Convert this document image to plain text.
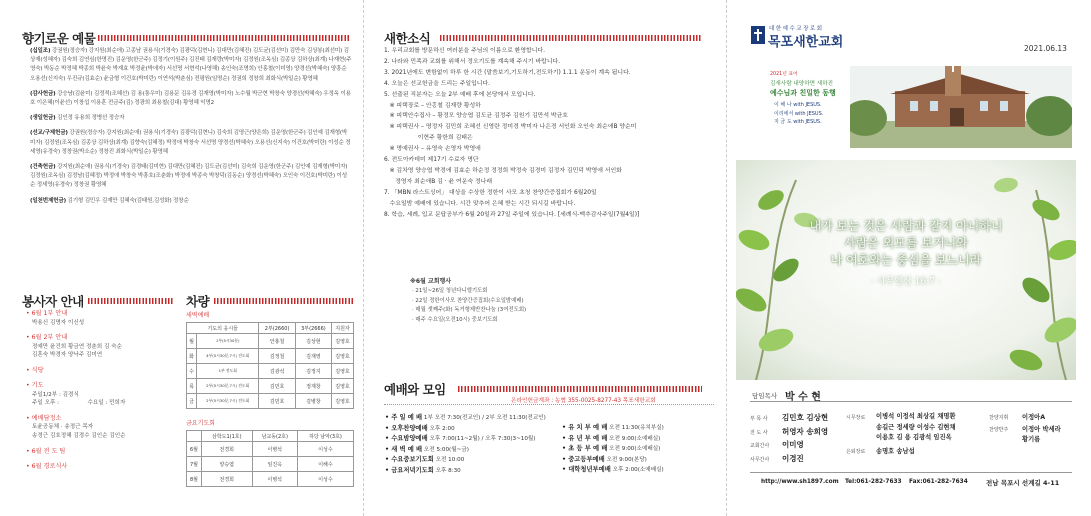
향기로운 예물
(십일조) 강권원(정승자) 강지원(최순애) 고종남 권용식(기경숙) 김광덕(김현니) 김대만(김혜진) 김도균(김선미) 김만숙 김상봉(최선미) 김상재(성혜자) 김숙희 김연심(한명진) 김운영(한군주) 김정기(이원주) 김진태 김재량(박미자) 김정원(조옥심) 김종상 김하상(최계) 나재현(주영숙) 박동순 박정혜 박종희 박윤숙 박재효 박정윤(박애자) 서선명 서현석(나영해) 송인숙(조명희) 안홍철(이미영) 양경선(박혜숙) 양흥순 오용선(신지숙) 우진규(김효순) 윤금형 이건호(박미란) 이연석(박춘심) 전평원(임명순) 정권희 정창희 최화식(박일순) 황영혜
(감사헌금) 강승남(김윤미) 김정적(조혜선) 김 용(통우미) 김용문 김유경 김재영(박미자) 노수월 박군현 박창숙 양경선(박혜숙) 우정옥 이용호 이은혜(이윤선) 이창섭 이용훈 전금주(김) 정광희 최용철(김대) 황영혜 익명2
(생일헌금) 김인정 유용희 정병선 정승자
(선교/구제헌금) 강권원(정승자) 강지원(최순애) 권용식(기경숙) 김광덕(김현니) 김숙희 김영근(양은희) 김운영(한군주) 김인예 김재형(박미자) 김정원(조옥심) 김종상 김하상(최계) 김향숙(김혜정) 박정애 박창숙 서선명 양경선(박혜숙) 오용선(신지숙) 이건호(박미란) 이성순 정세영(유경숙) 정창권(박소순) 정창진 최화식(박일순) 황영혜
(건축헌금) 강지원(최순애) 권용식(기경숙) 김경태(김미현) 김대만(김혜진) 김도균(김선미) 김숙희 김운영(한군주) 김인예 김재형(박미자) 김정원(조옥심) 김정남(김혜정) 박정애 박창숙 박흥호(조춘화) 박정애 박종숙 박창덕(김동순) 양경선(박혜숙) 오인숙 이건호(박미란) 이성순 정세영(유경숙) 정창권 황영혜
(일천번제헌금) 김기형 김민우 김재만 김혜숙(김태원,김성화) 정창순
봉사자 안내
• 6월 1부 안내
박용신 김명자 이신성
• 6월 2부 안내
정예만 윤건희 황금연 정춘희 김 숙순
김혼숙 박경자 양낙주 김미연
• 식당
• 기도
주일1/2부 : 김경식
주일 오후 :                수요일 : 민희자
• 예배담정소
토윤공동체 · 송정근 목자
송정근 김호정혜 김경수 김인순 김인순
• 6월 전 도 팀
• 6월 경로식사
차량
새벽예배
기도의 응시들		2부(2660)	3부(2666)	지원자
월	1부(5시30분)	안홍철	김상현	김영호
화	4부(5시30분,7시) 전도회	김정철	김재영	김영호
수	1부 전도회	김광석	김정지	김영호
목	2부(5시30분,7시) 전도회	김민호	정재창	김영호
금	2부(5시30분,7시) 전도회	김민호	김병창	김영호
금요기도회
	삼학도1(1호)	남교동(2호)	하당 남악(3호)
6월	전경희	이병석	이성수
7월	양승엽	임진옥	이해수
8월	전경희	이병석	이성수
새한소식
1. 우리교회를 방문하신 여러분을 주님의 이름으로 환영합니다.
2. 나라와 민족과 교회를 위해서 정오기도를 계속해 주시기 바랍니다.
3. 2021년에도 변함없이 하루 한 시간 (말씀보기,기도하기,전도하기) 1.1.1 운동이 계속 됩니다.
4. 오늘은 선교헌금을 드리는 주일입니다.
5. 선출된 직분자는 오늘 2부 예배 후에 본당에서 모입니다.
※ 피택장로 – 안홍철 김재량 황성하
※ 피택안수집사 – 황정모 양승엽 김도균 김정주 김원기 김만석 박균호
※ 피택권사 – 명정자 김민희 조혜선 신영란 정미경 박미자 나은경 서인화 오인숙 최순애B 양순미
이현주 황한희 김태은
※ 명예권사 – 유영숙 손영자 박영애
6. 전도아카데미 제17기 수료자 명단
※ 김차영 양승엽 박경애 김효순 하순정 정정희 박정숙 김경미 김정자 김민덕 박영애 서인화
정영자 최순애B 김 · 윤 여운숙 정나래
7. 「MBN 라스트싱어」 대상을 수상한 정한이 사모 초청 찬양간증집회가 6월20일
수요일밤 예배에 있습니다. 시간 맞추어 은혜 받는 시간 되시길 바랍니다.
8. 학습, 세례, 입교 문답공부가 6월 20일과 27일 주일에 있습니다. [세례식-맥추감사주일(7월4일)]
※6월 교회행사
· 21일~26일 청년다니엘기도회
· 22일 정한이사모 찬양간증집회(수요일밤예배)
· 매월 셋째주(화) 독거형제반찬나눔 (3여전도회)
· 매주 수요일(오전10시) 중보기도회
예배와 모임
온라인헌금계좌 : 농협 355-0025-8277-43 목포새한교회
• 주 일 예 배 1부 오전 7:30(전교인) / 2부 오전 11:30(전교인)
• 오후찬양예배 오후 2:00
• 수요밤양예배 오후 7:00(11~2월) / 오후 7:30(3~10월)
• 새 벽 예 배 오전 5:00(월~금)
• 수요중보기도회 오전 10:00
• 금요저녁기도회 오후 8:30
• 유 치 부 예 배 오전 11:30(유치부실)
• 유 년 부 예 배 오전 9:00(소예배실)
• 초 등 부 예 배 오전 9:00(소예배실)
• 중고등부예배 오전 9:00(본당)
• 대학청년부예배 오후 2:00(소예배실)
대한예수교장로회
목포새한교회	2021.06.13
2021년 표어
김새사람 내양하면 새하진
예수님과 친밀한 동행
이 해 나 with JESUS.
이리에서 with JESUS.
지 금 도 with JESUS.
내가 보는 것은 사람과 같지 아니하니
사람은 외모를 보거니와
나 여호와는 중심을 보느니라
- 사무엘상 16:7 -
담임목사 박 수 현
부 목 사	김민호 김상현
전 도 사	허영자 송희영
교회간사	이미영
사무간사	이경진
시무장로 이병석 이정석 최상길 채명환
송길근 정세량 이성수 김현채
이용호 김 용 김광석 임진옥
은퇴장로 송명호 송남섭
찬양지휘 이정아A
찬양반주 이정아 박세라
황기름
http://www.sh1897.com Tel:061-282-7633 Fax:061-282-7634	전남 목포시 선계길 4-11
